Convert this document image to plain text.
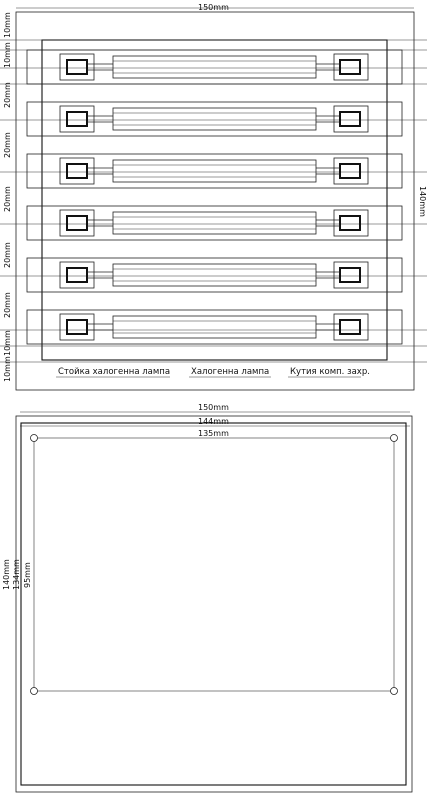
150mm
140mm
10mm
10mm
20mm
20mm
20mm
20mm
20mm
10mm
10mm	Стойка халогенна лампа Халогенна лампа Кутия комп. захр.
150mm
144mm
135mm
140mm 134mm 95mm
